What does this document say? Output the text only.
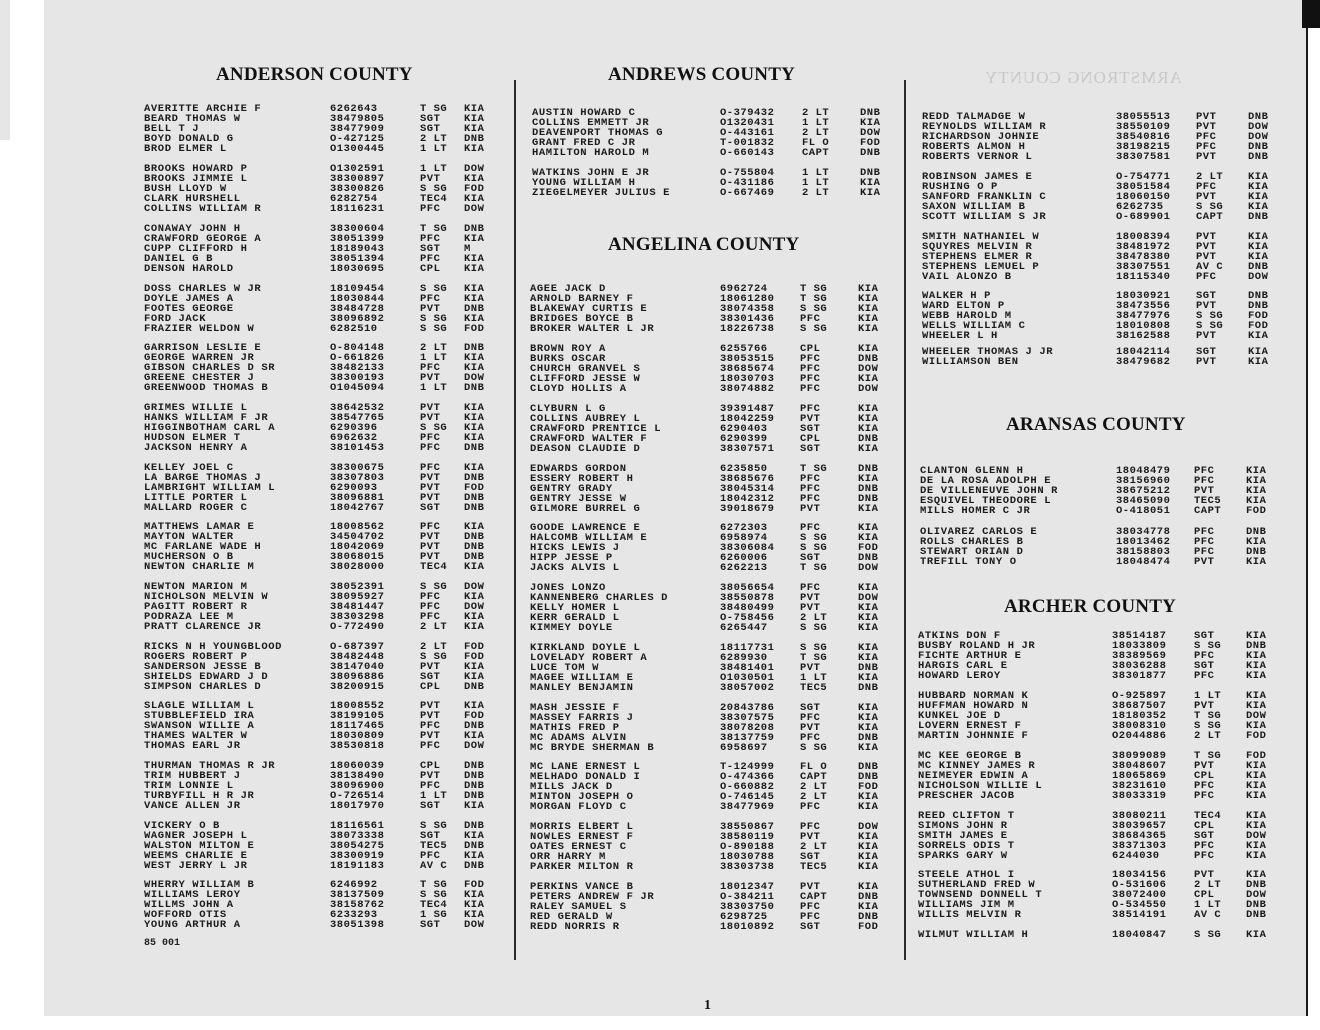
ARMSTRONG COUNTY
ANDERSON COUNTY
AVERITTE ARCHIE F	6262643	T SG KIA
BEARD THOMAS W	38479805	SGT KIA
BELL T J	38477909	SGT KIA
BOYD DONALD G	O-427125	2 LT DNB
BROD ELMER L	O1300445	1 LT KIA
BROOKS HOWARD P	O1302591	1 LT DOW
BROOKS JIMMIE L	38300897	PVT KIA
BUSH LLOYD W	38300826	S SG FOD
CLARK HURSHELL	6282754	TEC4 KIA
COLLINS WILLIAM R	18116231	PFC DOW
CONAWAY JOHN H	38300604	T SG DNB
CRAWFORD GEORGE A	38051399	PFC KIA
CUPP CLIFFORD H	18189043	SGT M
DANIEL G B	38051394	PFC KIA
DENSON HAROLD	18030695	CPL KIA
DOSS CHARLES W JR	18109454	S SG KIA
DOYLE JAMES A	18030844	PFC KIA
FOOTES GEORGE	38484728	PVT DNB
FORD JACK	38096892	S SG KIA
FRAZIER WELDON W	6282510	S SG FOD
GARRISON LESLIE E	O-804148	2 LT DNB
GEORGE WARREN JR	O-661826	1 LT KIA
GIBSON CHARLES D SR	38482133	PFC KIA
GREENE CHESTER J	38300193	PVT DOW
GREENWOOD THOMAS B	O1045094	1 LT DNB
GRIMES WILLIE L	38642532	PVT KIA
HANKS WILLIAM F JR	38547765	PVT KIA
HIGGINBOTHAM CARL A	6290396	S SG KIA
HUDSON ELMER T	6962632	PFC KIA
JACKSON HENRY A	38101453	PFC DNB
KELLEY JOEL C	38300675	PFC KIA
LA BARGE THOMAS J	38307803	PVT DNB
LAMBRIGHT WILLIAM L	6290093	PVT FOD
LITTLE PORTER L	38096881	PVT DNB
MALLARD ROGER C	18042767	SGT DNB
MATTHEWS LAMAR E	18008562	PFC KIA
MAYTON WALTER	34504702	PVT DNB
MC FARLANE WADE H	18042069	PVT DNB
MUCHERSON O B	38068015	PVT DNB
NEWTON CHARLIE M	38028000	TEC4 KIA
NEWTON MARION M	38052391	S SG DOW
NICHOLSON MELVIN W	38095927	PFC KIA
PAGITT ROBERT R	38481447	PFC DOW
PODRAZA LEE M	38303298	PFC KIA
PRATT CLARENCE JR	O-772490	2 LT KIA
RICKS N H YOUNGBLOOD	O-687397	2 LT FOD
ROGERS ROBERT P	38482448	S SG FOD
SANDERSON JESSE B	38147040	PVT KIA
SHIELDS EDWARD J D	38096886	SGT KIA
SIMPSON CHARLES D	38200915	CPL DNB
SLAGLE WILLIAM L	18008552	PVT KIA
STUBBLEFIELD IRA	38199105	PVT FOD
SWANSON WILLIE A	18117465	PFC DNB
THAMES WALTER W	18030809	PVT KIA
THOMAS EARL JR	38530818	PFC DOW
THURMAN THOMAS R JR	18060039	CPL DNB
TRIM HUBBERT J	38138490	PVT DNB
TRIM LONNIE L	38096900	PFC DNB
TURBYFILL H R JR	O-726514	1 LT DNB
VANCE ALLEN JR	18017970	SGT KIA
VICKERY O B	18116561	S SG DNB
WAGNER JOSEPH L	38073338	SGT KIA
WALSTON MILTON E	38054275	TEC5 DNB
WEEMS CHARLIE E	38300919	PFC KIA
WEST JERRY L JR	18191183	AV C DNB
WHERRY WILLIAM B	6246992	T SG FOD
WILLIAMS LEROY	38137509	S SG KIA
WILLMS JOHN A	38158762	TEC4 KIA
WOFFORD OTIS	6233293	1 SG KIA
YOUNG ARTHUR A	38051398	SGT DOW
ANDREWS COUNTY
AUSTIN HOWARD C	O-379432	2 LT	DNB
COLLINS EMMETT JR	O1320431	1 LT	KIA
DEAVENPORT THOMAS G	O-443161	2 LT	DOW
GRANT FRED C JR	T-001832	FL O	FOD
HAMILTON HAROLD M	O-660143	CAPT	DNB
WATKINS JOHN E JR	O-755804	1 LT	DNB
YOUNG WILLIAM H	O-431186	1 LT	KIA
ZIEGELMEYER JULIUS E	O-667469	2 LT	KIA
ANGELINA COUNTY
AGEE JACK D	6962724	T SG	KIA
ARNOLD BARNEY F	18061280 T SG	KIA
BLAKEWAY CURTIS E	38074358 S SG	KIA
BRIDGES BOYCE B	38301436 PFC	KIA
BROKER WALTER L JR	18226738 S SG	KIA
BROWN ROY A	6255766	CPL	KIA
BURKS OSCAR	38053515 PFC	DNB
CHURCH GRANVEL S	38685674 PFC	DOW
CLIFFORD JESSE W	18030703 PFC	KIA
CLOYD HOLLIS A	38074882 PFC	DOW
CLYBURN L G	39391487 PFC	KIA
COLLINS AUBREY L	18042259 PVT	KIA
CRAWFORD PRENTICE L	6290403	SGT	KIA
CRAWFORD WALTER F	6290399	CPL	DNB
DEASON CLAUDIE D	38307571 SGT	KIA
EDWARDS GORDON	6235850	T SG	DNB
ESSERY ROBERT H	38685676 PFC	KIA
GENTRY GRADY	38045314 PFC	DNB
GENTRY JESSE W	18042312 PFC	DNB
GILMORE BURREL G	39018679 PVT	KIA
GOODE LAWRENCE E	6272303	PFC	KIA
HALCOMB WILLIAM E	6958974	S SG	KIA
HICKS LEWIS J	38306084 S SG	FOD
HIPP JESSE P	6260006	SGT	DNB
JACKS ALVIS L	6262213	T SG	DOW
JONES LONZO	38056654 PFC	KIA
KANNENBERG CHARLES D	38550878 PVT	DOW
KELLY HOMER L	38480499 PVT	KIA
KERR GERALD L	O-758456 2 LT	KIA
KIMMEY DOYLE	6265447	S SG	KIA
KIRKLAND DOYLE L	18117731 S SG	KIA
LOVELADY ROBERT A	6289930	T SG	KIA
LUCE TOM W	38481401 PVT	DNB
MAGEE WILLIAM E	O1030501 1 LT	KIA
MANLEY BENJAMIN	38057002 TEC5	DNB
MASH JESSIE F	20843786 SGT	KIA
MASSEY FARRIS J	38307575 PFC	KIA
MATHIS FRED P	38078208 PVT	KIA
MC ADAMS ALVIN	38137759 PFC	DNB
MC BRYDE SHERMAN B	6958697	S SG	KIA
MC LANE ERNEST L	T-124999 FL O	DNB
MELHADO DONALD I	O-474366 CAPT	DNB
MILLS JACK D	O-660882 2 LT	FOD
MINTON JOSEPH O	O-746145 2 LT	KIA
MORGAN FLOYD C	38477969 PFC	KIA
MORRIS ELBERT L	38550867 PFC	DOW
NOWLES ERNEST F	38580119 PVT	KIA
OATES ERNEST C	O-890188 2 LT	KIA
ORR HARRY M	18030788 SGT	KIA
PARKER MILTON R	38303738 TEC5	KIA
PERKINS VANCE B	18012347 PVT	KIA
PETERS ANDREW F JR	O-384211 CAPT	DNB
RALEY SAMUEL S	38303750 PFC	KIA
RED GERALD W	6298725	PFC	DNB
REDD NORRIS R	18010892 SGT	FOD
REDD TALMADGE W	38055513 PVT	DNB
REYNOLDS WILLIAM R	38550109 PVT	DOW
RICHARDSON JOHNIE	38540816 PFC	DOW
ROBERTS ALMON H	38198215 PFC	DNB
ROBERTS VERNOR L	38307581 PVT	DNB
ROBINSON JAMES E	O-754771 2 LT KIA
RUSHING O P	38051584 PFC	KIA
SANFORD FRANKLIN C	18060150 PVT	KIA
SAXON WILLIAM B	6262735	S SG KIA
SCOTT WILLIAM S JR	O-689901 CAPT DNB
SMITH NATHANIEL W	18008394 PVT	KIA
SQUYRES MELVIN R	38481972 PVT	KIA
STEPHENS ELMER R	38478380 PVT	KIA
STEPHENS LEMUEL P	38307551 AV C DNB
VAIL ALONZO B	18115340 PFC	DOW
WALKER H P	18030921 SGT	DNB
WARD ELTON P	38473556 PVT	DNB
WEBB HAROLD M	38477976 S SG FOD
WELLS WILLIAM C	18010808 S SG FOD
WHEELER L H	38162588 PVT	KIA
WHEELER THOMAS J JR	18042114 SGT	KIA
WILLIAMSON BEN	38479682 PVT	KIA
ARANSAS COUNTY
CLANTON GLENN H	18048479 PFC	KIA
DE LA ROSA ADOLPH E	38156960 PFC	KIA
DE VILLENEUVE JOHN R	38675212 PVT	KIA
ESQUIVEL THEODORE L	38465090 TEC5 KIA
MILLS HOMER C JR	O-418051 CAPT FOD
OLIVAREZ CARLOS E	38034778 PFC	DNB
ROLLS CHARLES B	18013462 PFC	KIA
STEWART ORIAN D	38158803 PFC	DNB
TREFILL TONY O	18048474 PVT	KIA
ARCHER COUNTY
ATKINS DON F	38514187	SGT	KIA
BUSBY ROLAND H JR	18033809	S SG DNB
FICHTE ARTHUR E	38389569	PFC	KIA
HARGIS CARL E	38036288	SGT	KIA
HOWARD LEROY	38301877	PFC	KIA
HUBBARD NORMAN K	O-925897	1 LT KIA
HUFFMAN HOWARD N	38687507	PVT	KIA
KUNKEL JOE D	18180352	T SG DOW
LOVERN ERNEST F	38008310	S SG KIA
MARTIN JOHNNIE F	O2044886	2 LT FOD
MC KEE GEORGE B	38099089	T SG FOD
MC KINNEY JAMES R	38048607	PVT	KIA
NEIMEYER EDWIN A	18065869	CPL	KIA
NICHOLSON WILLIE L	38231610	PFC	KIA
PRESCHER JACOB	38033319	PFC	KIA
REED CLIFTON T	38080211	TEC4 KIA
SIMONS JOHN R	38039657	CPL	KIA
SMITH JAMES E	38684365	SGT	DOW
SORRELS ODIS T	38371303	PFC	KIA
SPARKS GARY W	6244030	PFC	KIA
STEELE ATHOL I	18034156	PVT	KIA
SUTHERLAND FRED W	O-531606	2 LT DNB
TOWNSEND DONNELL T	38072400	CPL	DOW
WILLIAMS JIM M	O-534550	1 LT DNB
WILLIS MELVIN R	38514191	AV C DNB
WILMUT WILLIAM H	18040847	S SG KIA
85 001
1
